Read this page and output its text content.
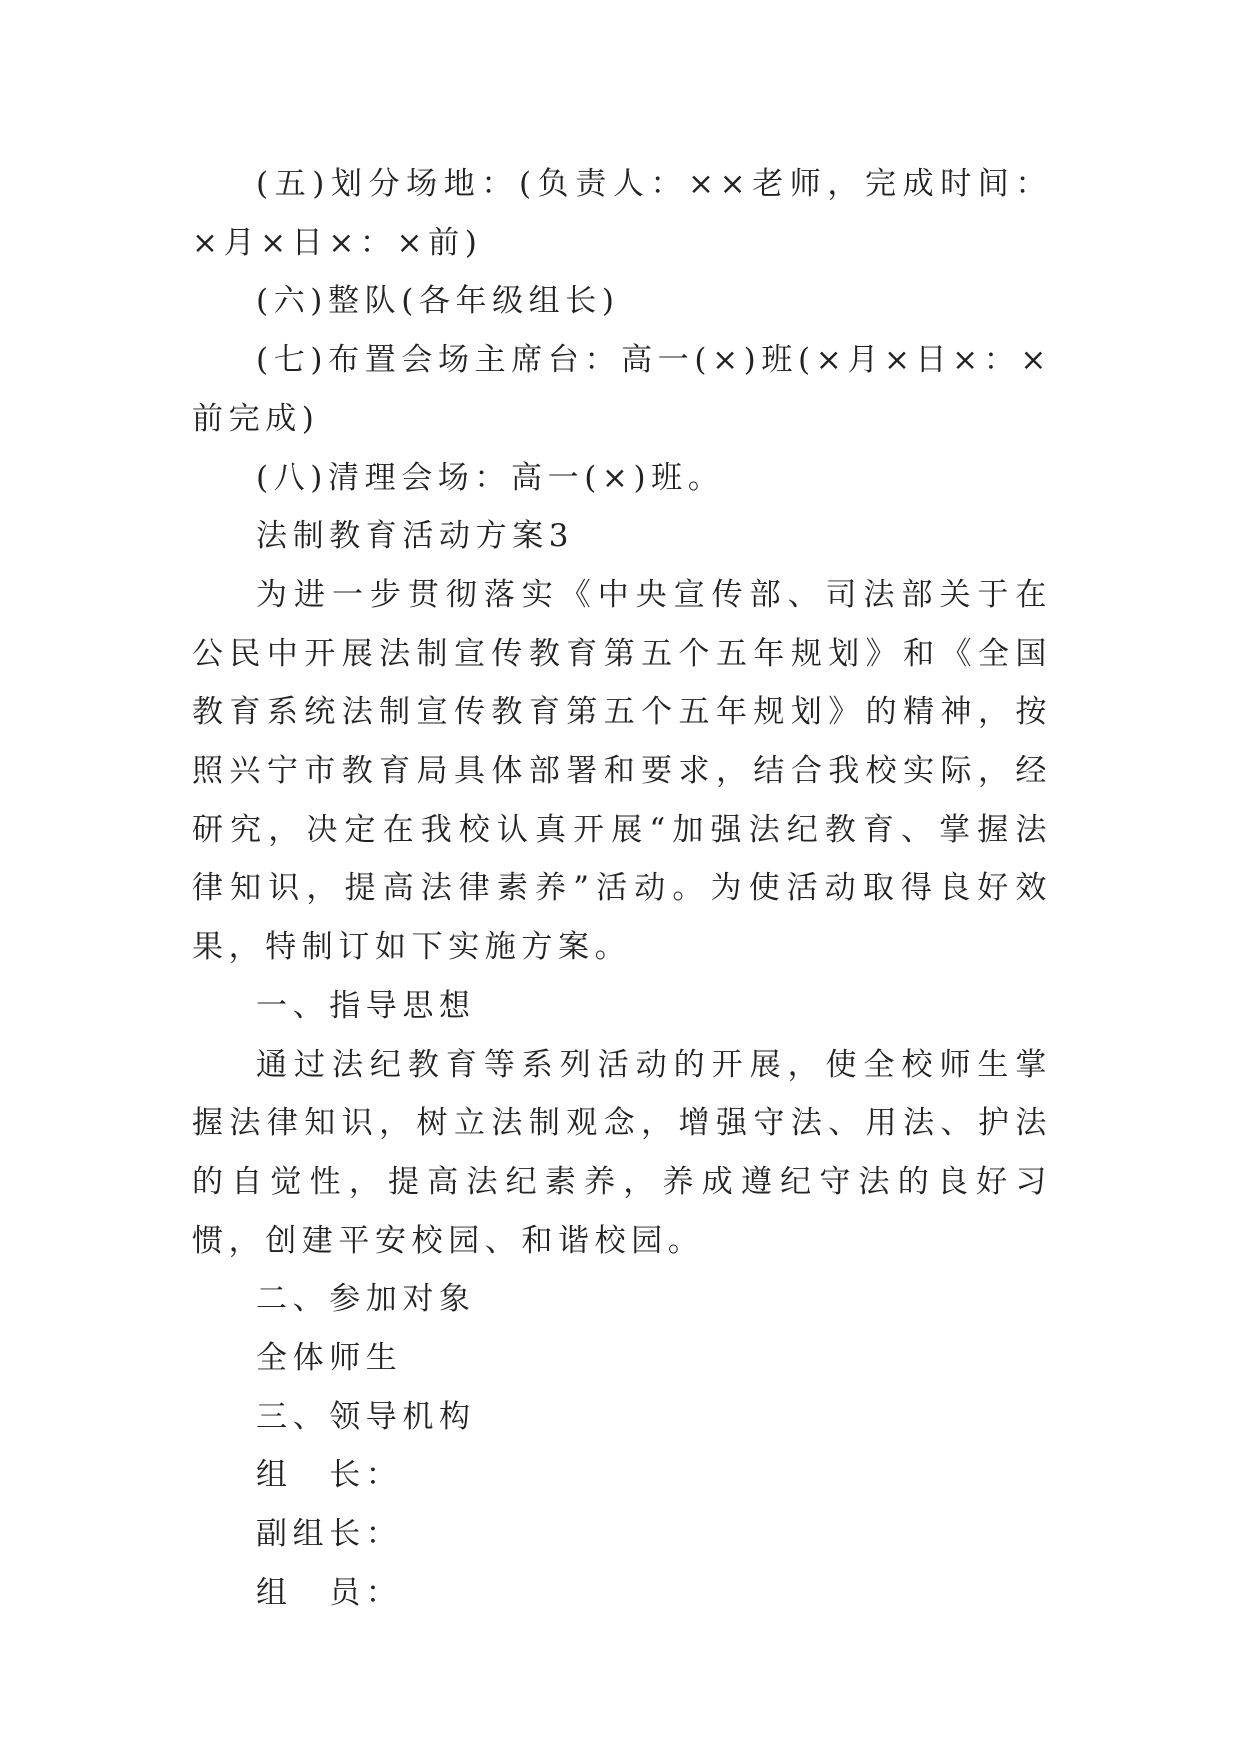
(五)划分场地：(负责人：××老师，完成时间：×月×日×：×前)

(六)整队(各年级组长)

(七)布置会场主席台：高一(×)班(×月×日×：×前完成)

(八)清理会场：高一(×)班。

法制教育活动方案3

为进一步贯彻落实《中央宣传部、司法部关于在公民中开展法制宣传教育第五个五年规划》和《全国教育系统法制宣传教育第五个五年规划》的精神，按照兴宁市教育局具体部署和要求，结合我校实际，经研究，决定在我校认真开展“加强法纪教育、掌握法律知识，提高法律素养”活动。为使活动取得良好效果，特制订如下实施方案。

一、指导思想

通过法纪教育等系列活动的开展，使全校师生掌握法律知识，树立法制观念，增强守法、用法、护法的自觉性，提高法纪素养，养成遵纪守法的良好习惯，创建平安校园、和谐校园。

二、参加对象

全体师生

三、领导机构

组　长：

副组长：

组　员：
